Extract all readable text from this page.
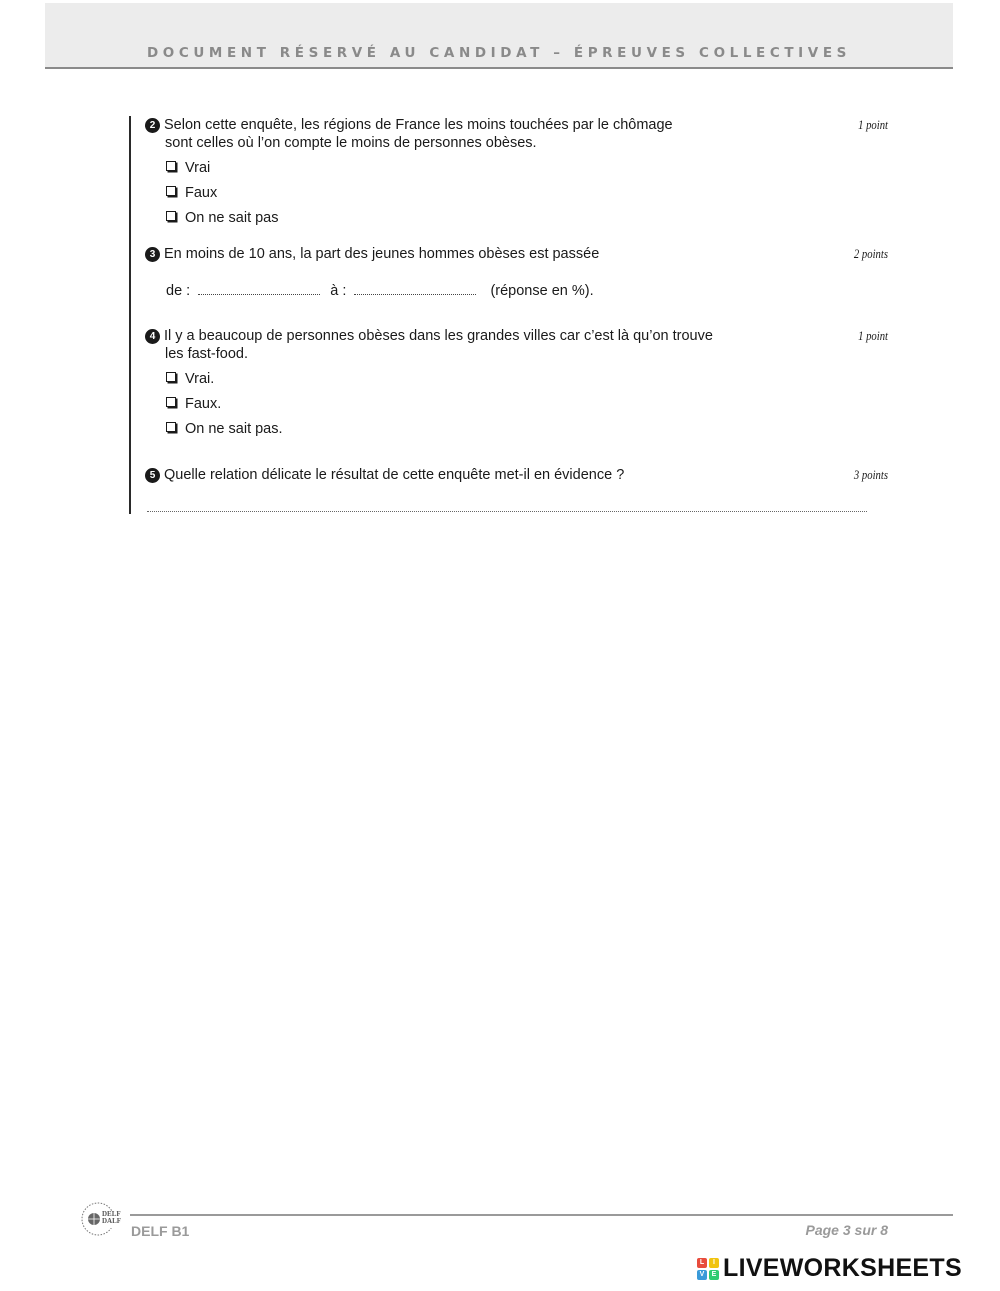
DOCUMENT RÉSERVÉ AU CANDIDAT – ÉPREUVES COLLECTIVES
2 Selon cette enquête, les régions de France les moins touchées par le chômage
sont celles où l’on compte le moins de personnes obèses.
1 point
Vrai
Faux
On ne sait pas
3 En moins de 10 ans, la part des jeunes hommes obèses est passée	2 points
de :	à :	(réponse en %).
4 Il y a beaucoup de personnes obèses dans les grandes villes car c’est là qu’on trouve
les fast-food.
1 point
Vrai.
Faux.
On ne sait pas.
5 Quelle relation délicate le résultat de cette enquête met-il en évidence ?	3 points
DELF DALF
DELF B1	Page 3 sur 8
L	I
V	E LIVEWORKSHEETS
